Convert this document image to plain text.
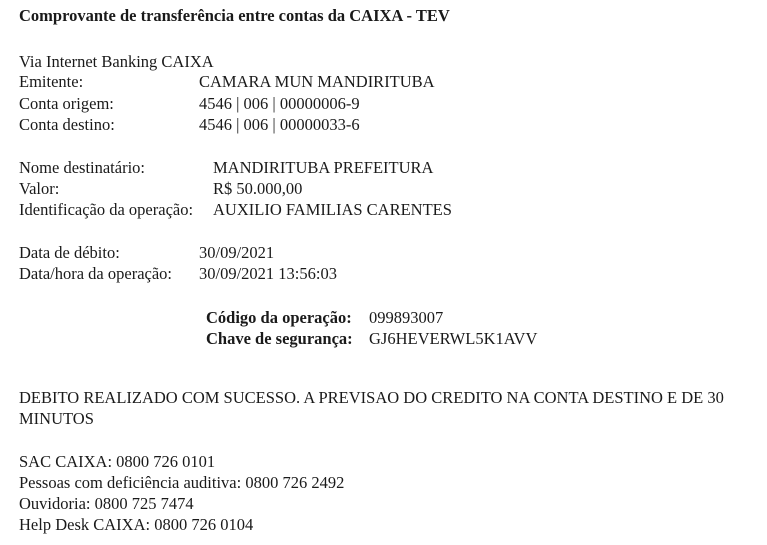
Comprovante de transferência entre contas da CAIXA - TEV
Via Internet Banking CAIXA
Emitente:	CAMARA MUN MANDIRITUBA
Conta origem:	4546 | 006 | 00000006-9
Conta destino:	4546 | 006 | 00000033-6
Nome destinatário:	MANDIRITUBA PREFEITURA
Valor:	R$ 50.000,00
Identificação da operação: AUXILIO FAMILIAS CARENTES
Data de débito:	30/09/2021
Data/hora da operação: 30/09/2021 13:56:03
Código da operação: 099893007
Chave de segurança: GJ6HEVERWL5K1AVV
DEBITO REALIZADO COM SUCESSO. A PREVISAO DO CREDITO NA CONTA DESTINO E DE 30 MINUTOS
SAC CAIXA: 0800 726 0101
Pessoas com deficiência auditiva: 0800 726 2492
Ouvidoria: 0800 725 7474
Help Desk CAIXA: 0800 726 0104
